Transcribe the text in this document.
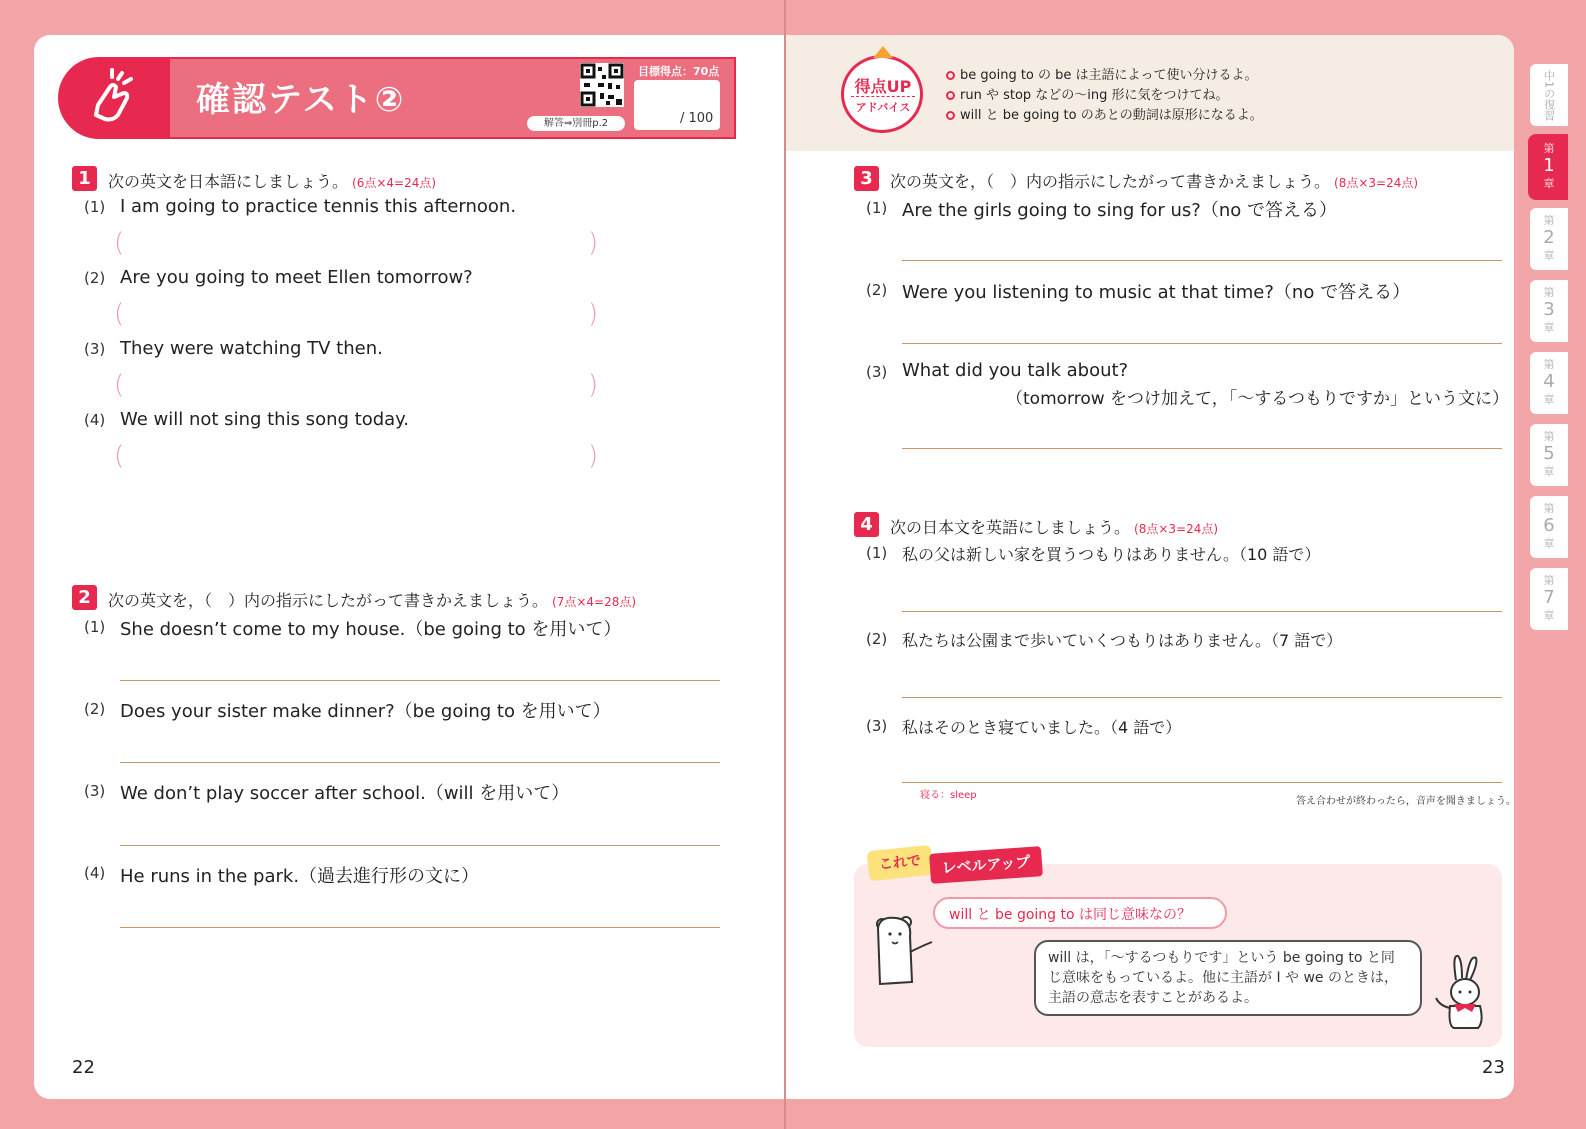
確認テスト②
解答⇒別冊p.2
目標得点：70点
/ 100
1	次の英文を日本語にしましょう。 (6点×4=24点)
(1) I am going to practice tennis this afternoon.
(	)
(2) Are you going to meet Ellen tomorrow?
(	)
(3) They were watching TV then.
(	)
(4) We will not sing this song today.
(	)
2	次の英文を，（　）内の指示にしたがって書きかえましょう。 (7点×4=28点)
(1) She doesn’t come to my house.（be going to を用いて）
(2) Does your sister make dinner?（be going to を用いて）
(3) We don’t play soccer after school.（will を用いて）
(4) He runs in the park.（過去進行形の文に）
22
得点UP
アドバイス
be going to の be は主語によって使い分けるよ。
run や stop などの〜ing 形に気をつけてね。
will と be going to のあとの動詞は原形になるよ。
3	次の英文を，（　）内の指示にしたがって書きかえましょう。 (8点×3=24点)
(1) Are the girls going to sing for us?（no で答える）
(2) Were you listening to music at that time?（no で答える）
(3) What did you talk about?
（tomorrow をつけ加えて，「〜するつもりですか」という文に）
4	次の日本文を英語にしましょう。 (8点×3=24点)
(1) 私の父は新しい家を買うつもりはありません。（10 語で）
(2) 私たちは公園まで歩いていくつもりはありません。（7 語で）
(3) 私はそのとき寝ていました。（4 語で）
寝る：sleep
答え合わせが終わったら，音声を聞きましょう。
これで	レベルアップ
will と be going to は同じ意味なの？
will は，「〜するつもりです」という be going to と同じ意味をもっているよ。他に主語が I や we のときは，主語の意志を表すことがあるよ。
23
中1の復習
第
1
章
第
2
章
第
3
章
第
4
章
第
5
章
第
6
章
第
7
章
